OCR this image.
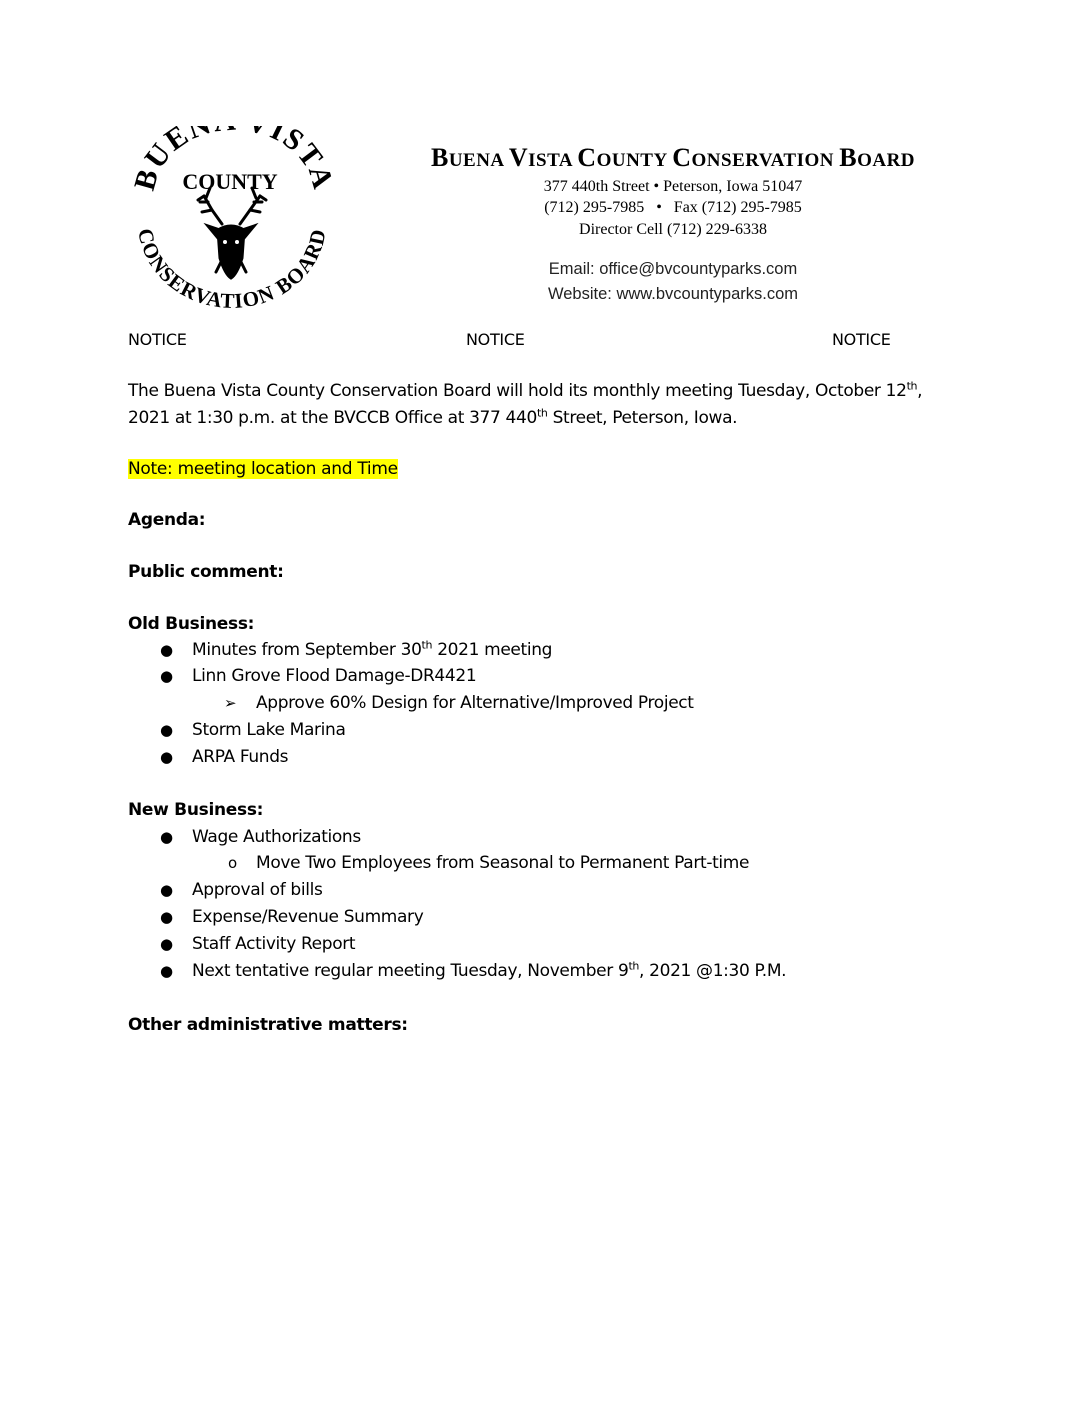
BUEN IST
COUNTY
CONSERVATION BOARD
BUENA VISTA COUNTY CONSERVATION BOARD
377 440th Street • Peterson, Iowa 51047
(712) 295-7985   •   Fax (712) 295-7985
Director Cell (712) 229-6338
Email: office@bvcountyparks.com
Website: www.bvcountyparks.com
NOTICE	NOTICE	NOTICE
The Buena Vista County Conservation Board will hold its monthly meeting Tuesday, October 12th, 2021 at 1:30 p.m. at the BVCCB Office at 377 440th Street, Peterson, Iowa.
Note: meeting location and Time
Agenda:
Public comment:
Old Business:
● Minutes from September 30th 2021 meeting
● Linn Grove Flood Damage-DR4421
➢ Approve 60% Design for Alternative/Improved Project
● Storm Lake Marina
● ARPA Funds
New Business:
● Wage Authorizations
o Move Two Employees from Seasonal to Permanent Part-time
● Approval of bills
● Expense/Revenue Summary
● Staff Activity Report
● Next tentative regular meeting Tuesday, November 9th, 2021 @1:30 P.M.
Other administrative matters:
